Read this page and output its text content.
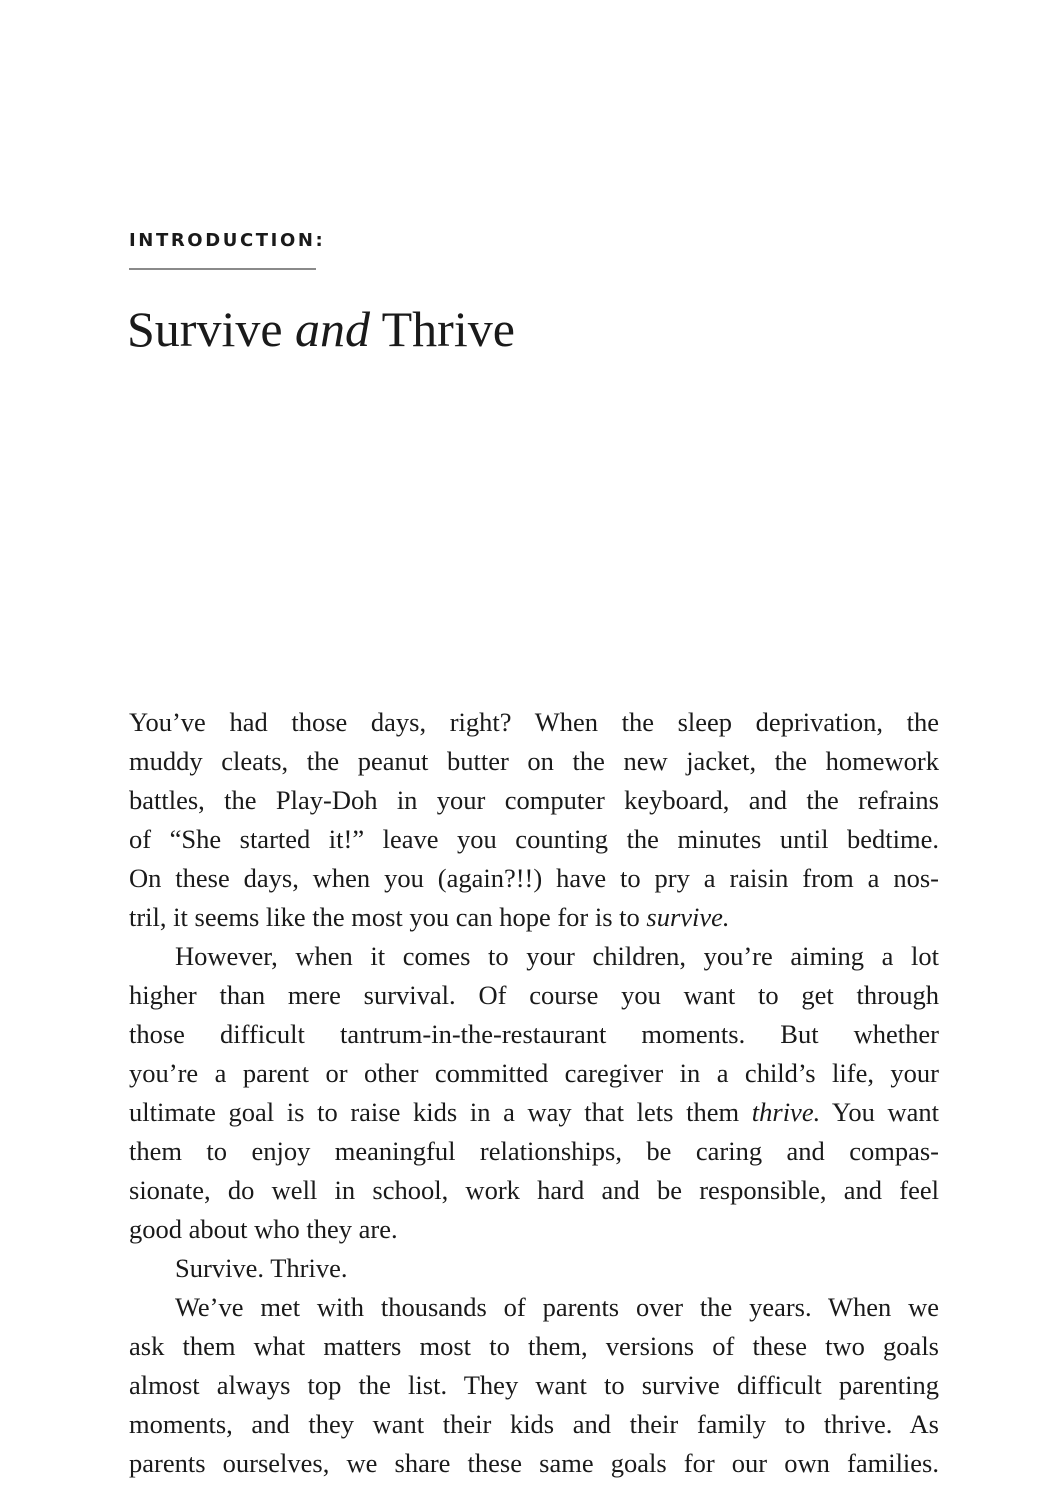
INTRODUCTION:
Survive and Thrive
You’ve had those days, right? When the sleep deprivation, the
muddy cleats, the peanut butter on the new jacket, the homework
battles, the Play-Doh in your computer keyboard, and the refrains
of “She started it!” leave you counting the minutes until bedtime.
On these days, when you (again?!!) have to pry a raisin from a nos-
tril, it seems like the most you can hope for is to survive.
However, when it comes to your children, you’re aiming a lot
higher than mere survival. Of course you want to get through
those difficult tantrum-in-the-restaurant moments. But whether
you’re a parent or other committed caregiver in a child’s life, your
ultimate goal is to raise kids in a way that lets them thrive. You want
them to enjoy meaningful relationships, be caring and compas-
sionate, do well in school, work hard and be responsible, and feel
good about who they are.
Survive. Thrive.
We’ve met with thousands of parents over the years. When we
ask them what matters most to them, versions of these two goals
almost always top the list. They want to survive difficult parenting
moments, and they want their kids and their family to thrive. As
parents ourselves, we share these same goals for our own families.
